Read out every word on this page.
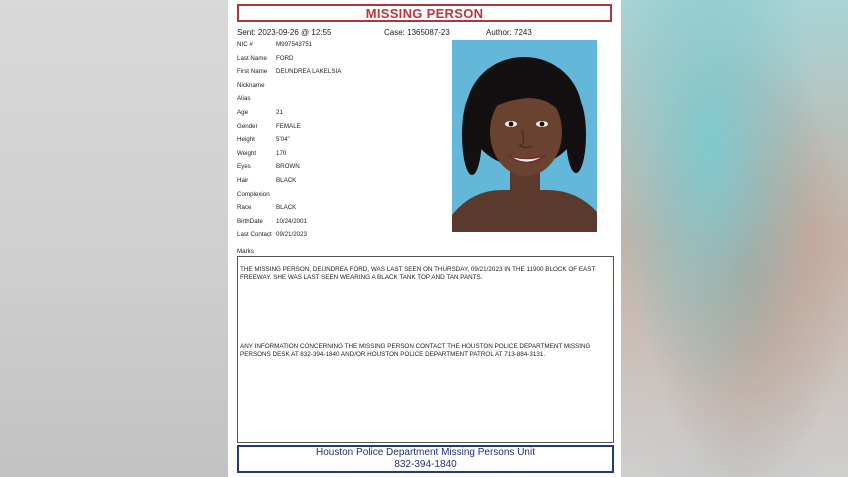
MISSING PERSON
Sent: 2023-09-26 @ 12:55	Case: 1365087-23	Author: 7243
NIC #	M997543751
Last Name FORD
First Name DEUNDREA LAKELSIA
Nickname
Alias
Age	21
Gender	FEMALE
Height	5'04"
Weight	170
Eyes	BROWN
Hair	BLACK
Complexion
Race	BLACK
BirthDate 10/24/2001
Last Contact 09/21/2023
Marks

THE MISSING PERSON, DEUNDREA FORD, WAS LAST SEEN ON THURSDAY, 09/21/2023 IN THE 11900 BLOCK OF EAST FREEWAY. SHE WAS LAST SEEN WEARING A BLACK TANK TOP AND TAN PANTS.

ANY INFORMATION CONCERNING THE MISSING PERSON CONTACT THE HOUSTON POLICE DEPARTMENT MISSING PERSONS DESK AT 832-394-1840 AND/OR HOUSTON POLICE DEPARTMENT PATROL AT 713-884-3131.

Houston Police Department Missing Persons Unit
832-394-1840
